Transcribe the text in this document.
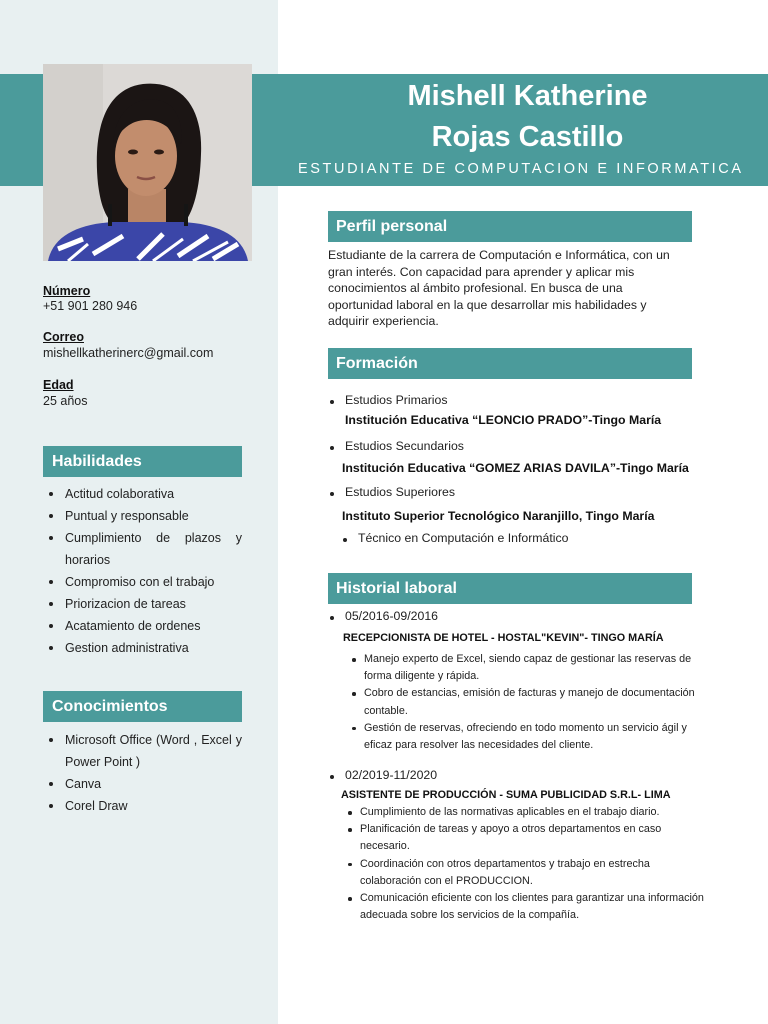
Mishell Katherine
Rojas Castillo
ESTUDIANTE DE COMPUTACION E INFORMATICA
Número
+51 901 280 946
Correo
mishellkatherinerc@gmail.com
Edad
25 años
Habilidades
Actitud colaborativa
Puntual y responsable
Cumplimiento de plazos y horarios
Compromiso con el trabajo
Priorizacion de tareas
Acatamiento de ordenes
Gestion administrativa
Conocimientos
Microsoft Office (Word , Excel y Power Point )
Canva
Corel Draw
Perfil personal

Estudiante de la carrera de Computación e Informática, con un gran interés. Con capacidad para aprender y aplicar mis conocimientos al ámbito profesional. En busca de una oportunidad laboral en la que desarrollar mis habilidades y adquirir experiencia.

Formación
Estudios Primarios
Institución Educativa “LEONCIO PRADO”-Tingo María
Estudios Secundarios
Institución Educativa “GOMEZ ARIAS DAVILA”-Tingo María
Estudios Superiores
Instituto Superior Tecnológico Naranjillo, Tingo María
Técnico en Computación e Informático
Historial laboral
05/2016-09/2016
RECEPCIONISTA DE HOTEL - HOSTAL"KEVIN"- TINGO MARÍA
Manejo experto de Excel, siendo capaz de gestionar las reservas de forma diligente y rápida.
Cobro de estancias, emisión de facturas y manejo de documentación contable.
Gestión de reservas, ofreciendo en todo momento un servicio ágil y eficaz para resolver las necesidades del cliente.
02/2019-11/2020
ASISTENTE DE PRODUCCIÓN - SUMA PUBLICIDAD S.R.L- LIMA
Cumplimiento de las normativas aplicables en el trabajo diario.
Planificación de tareas y apoyo a otros departamentos en caso necesario.
Coordinación con otros departamentos y trabajo en estrecha colaboración con el PRODUCCION.
Comunicación eficiente con los clientes para garantizar una información adecuada sobre los servicios de la compañía.
